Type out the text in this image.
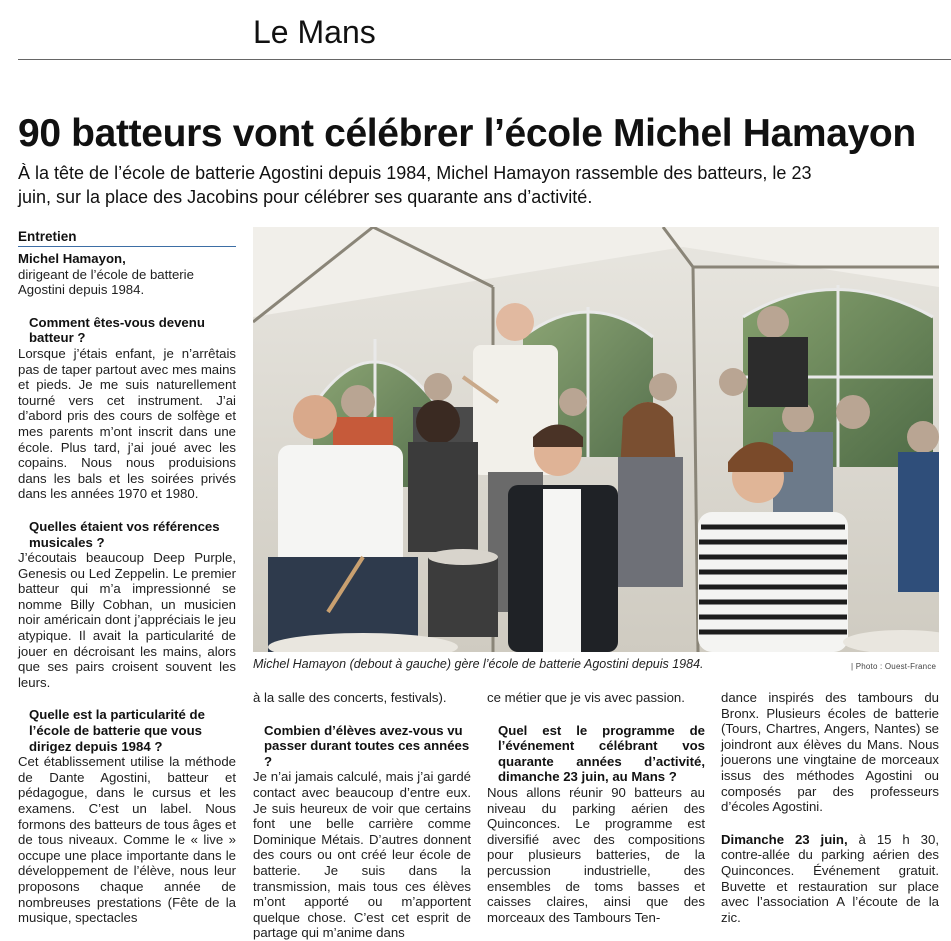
Le Mans
90 batteurs vont célébrer l’école Michel Hamayon
À la tête de l’école de batterie Agostini depuis 1984, Michel Hamayon rassemble des batteurs, le 23 juin, sur la place des Jacobins pour célébrer ses quarante ans d’activité.
Entretien

Michel Hamayon,

dirigeant de l’école de batterie Agostini depuis 1984.

Comment êtes-vous devenu batteur ?

Lorsque j’étais enfant, je n’arrêtais pas de taper partout avec mes mains et pieds. Je me suis naturellement tourné vers cet instrument. J’ai d’abord pris des cours de solfège et mes parents m’ont inscrit dans une école. Plus tard, j’ai joué avec les copains. Nous nous produisions dans les bals et les soirées privés dans les années 1970 et 1980.

Quelles étaient vos références musicales ?

J’écoutais beaucoup Deep Purple, Genesis ou Led Zeppelin. Le premier batteur qui m’a impressionné se nomme Billy Cobhan, un musicien noir américain dont j’appréciais le jeu atypique. Il avait la particularité de jouer en décroisant les mains, alors que ses pairs croisent souvent les leurs.

Quelle est la particularité de l’école de batterie que vous dirigez depuis 1984 ?

Cet établissement utilise la méthode de Dante Agostini, batteur et pédagogue, dans le cursus et les examens. C’est un label. Nous formons des batteurs de tous âges et de tous niveaux. Comme le « live » occupe une place importante dans le développement de l’élève, nous leur proposons chaque année de nombreuses prestations (Fête de la musique, spectacles

Michel Hamayon (debout à gauche) gère l’école de batterie Agostini depuis 1984.	| Photo : Ouest-France

à la salle des concerts, festivals).

Combien d’élèves avez-vous vu passer durant toutes ces années ?

Je n’ai jamais calculé, mais j’ai gardé contact avec beaucoup d’entre eux. Je suis heureux de voir que certains font une belle carrière comme Dominique Métais. D’autres donnent des cours ou ont créé leur école de batterie. Je suis dans la transmission, mais tous ces élèves m’ont apporté ou m’apportent quelque chose. C’est cet esprit de partage qui m’anime dans

ce métier que je vis avec passion.

Quel est le programme de l’événement célébrant vos quarante années d’activité, dimanche 23 juin, au Mans ?

Nous allons réunir 90 batteurs au niveau du parking aérien des Quinconces. Le programme est diversifié avec des compositions pour plusieurs batteries, de la percussion industrielle, des ensembles de toms basses et caisses claires, ainsi que des morceaux des Tambours Ten-

dance inspirés des tambours du Bronx. Plusieurs écoles de batterie (Tours, Chartres, Angers, Nantes) se joindront aux élèves du Mans. Nous jouerons une vingtaine de morceaux issus des méthodes Agostini ou composés par des professeurs d’écoles Agostini.

Dimanche 23 juin, à 15 h 30, contre-allée du parking aérien des Quinconces. Événement gratuit. Buvette et restauration sur place avec l’association A l’écoute de la zic.
